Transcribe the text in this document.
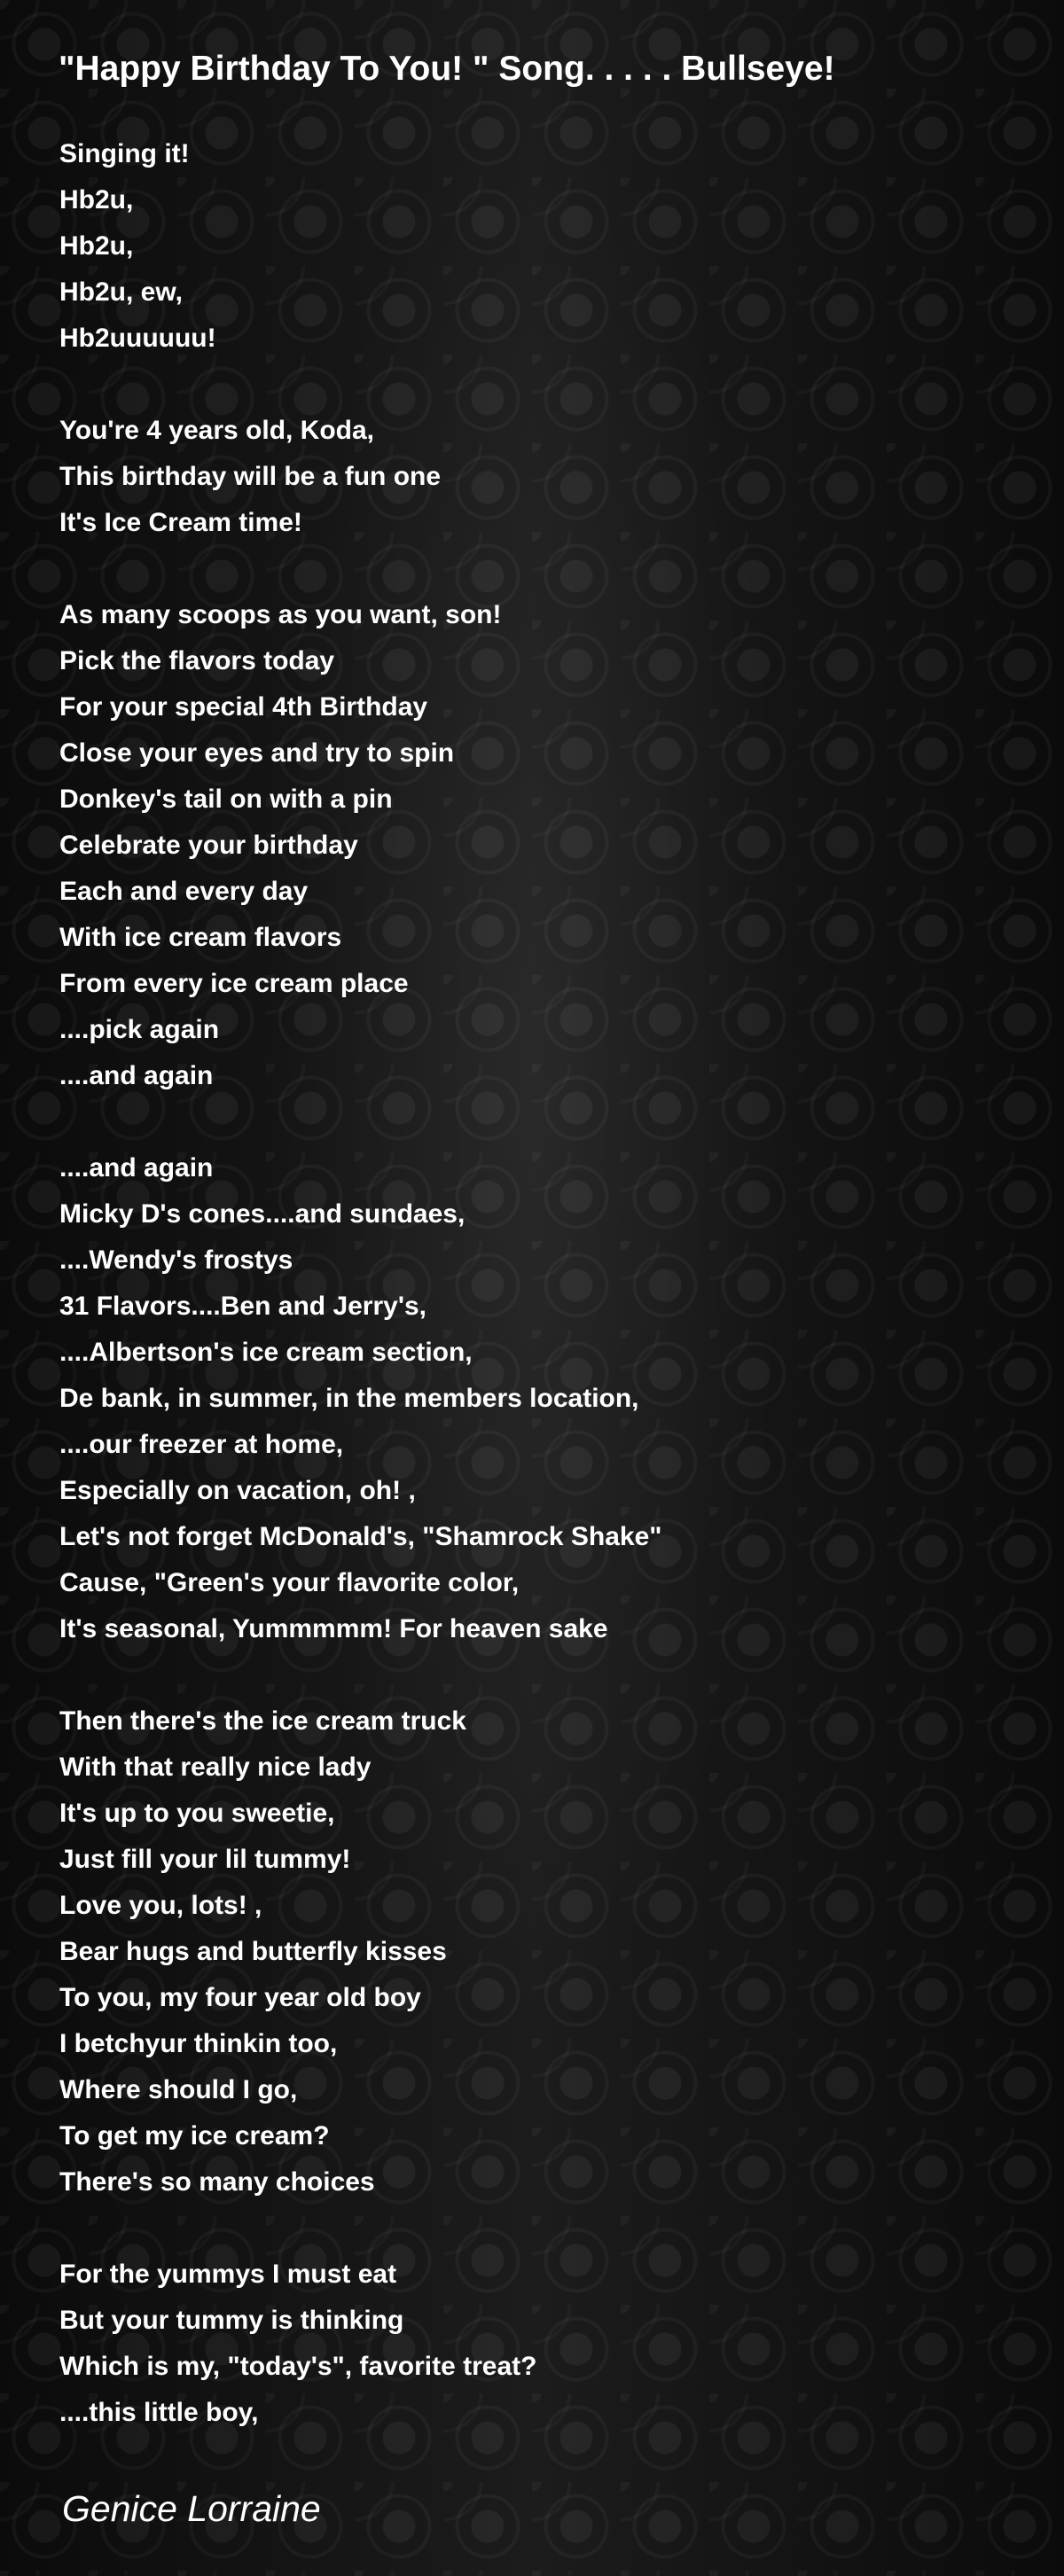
"Happy Birthday To You! " Song. . . . . Bullseye!
Singing it!
Hb2u,
Hb2u,
Hb2u, ew,
Hb2uuuuuu!
You're 4 years old, Koda,
This birthday will be a fun one
It's Ice Cream time!
As many scoops as you want, son!
Pick the flavors today
For your special 4th Birthday
Close your eyes and try to spin
Donkey's tail on with a pin
Celebrate your birthday
Each and every day
With ice cream flavors
From every ice cream place
....pick again
....and again
....and again
Micky D's cones....and sundaes,
....Wendy's frostys
31 Flavors....Ben and Jerry's,
....Albertson's ice cream section,
De bank, in summer, in the members location,
....our freezer at home,
Especially on vacation, oh! ,
Let's not forget McDonald's, "Shamrock Shake"
Cause, "Green's your flavorite color,
It's seasonal, Yummmmm! For heaven sake
Then there's the ice cream truck
With that really nice lady
It's up to you sweetie,
Just fill your lil tummy!
Love you, lots! ,
Bear hugs and butterfly kisses
To you, my four year old boy
I betchyur thinkin too,
Where should I go,
To get my ice cream?
There's so many choices
For the yummys I must eat
But your tummy is thinking
Which is my, "today's", favorite treat?
....this little boy,
Genice Lorraine
